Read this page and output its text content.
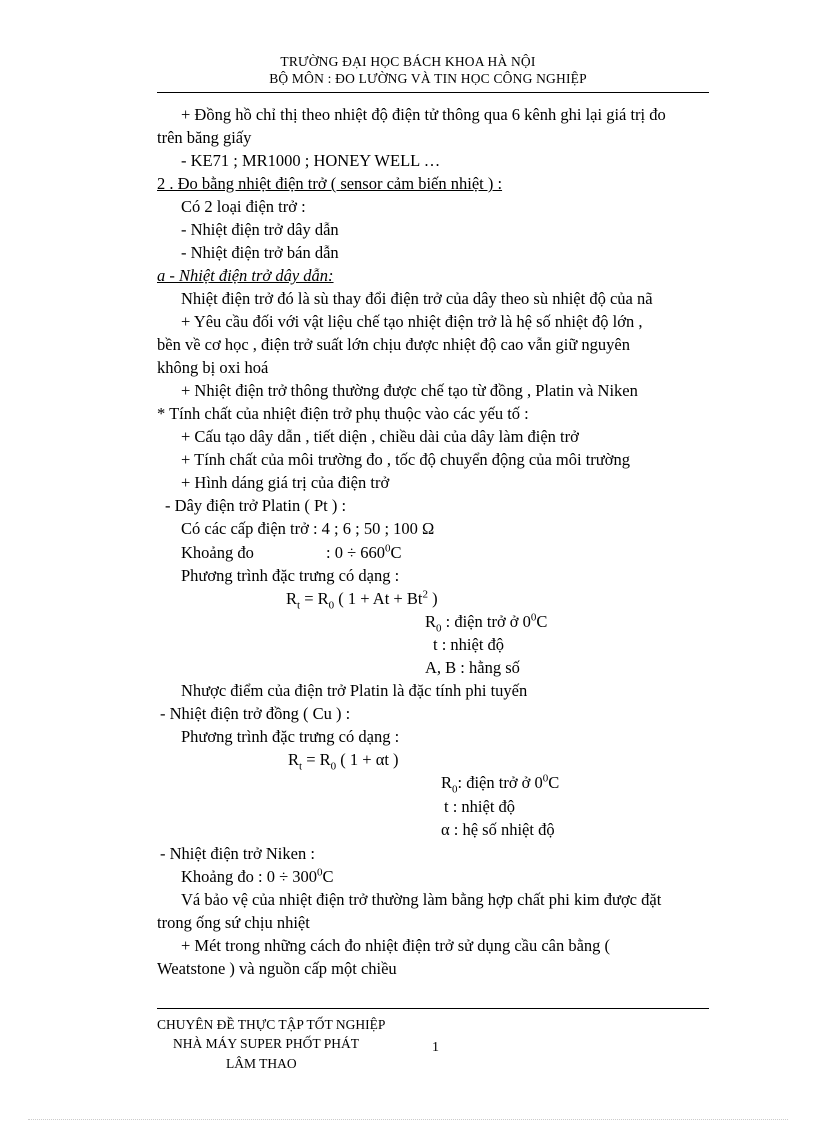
TRƯỜNG ĐẠI HỌC BÁCH KHOA HÀ NỘI
BỘ MÔN : ĐO LƯỜNG VÀ TIN HỌC CÔNG NGHIỆP
+ Đồng hồ chỉ thị theo nhiệt độ điện tử thông qua 6 kênh ghi lại giá trị đo
trên băng giấy
- KE71 ; MR1000 ; HONEY WELL …
2 . Đo bằng nhiệt điện trở ( sensor cảm biến nhiệt ) :
Có 2 loại điện trở :
- Nhiệt điện trở dây dẫn
- Nhiệt điện trở bán dẫn
a - Nhiệt điện trở dây dẫn:
Nhiệt điện trở đó là sù thay đổi điện trở của dây theo sù nhiệt độ của nã
+ Yêu cầu đối với vật liệu chế tạo nhiệt điện trở là hệ số nhiệt độ lớn ,
bền về cơ học , điện trở suất lớn chịu được nhiệt độ cao vẫn giữ nguyên
không bị oxi hoá
+ Nhiệt điện trở thông thường được chế tạo từ đồng , Platin và Niken
* Tính chất của nhiệt điện trở phụ thuộc vào các yếu tố :
+ Cấu tạo dây dẫn , tiết diện , chiều dài của dây làm điện trở
+ Tính chất của môi trường đo , tốc độ chuyển động của môi trường
+ Hình dáng giá trị của điện trở
- Dây điện trở Platin ( Pt ) :
Có các cấp điện trở : 4 ; 6 ; 50 ; 100 Ω
Khoảng đo	: $0 \div 660^0C$
Phương trình đặc trưng có dạng :
$R_t = R_0$ ( $1 + At + Bt^2$ )
$R_0$ : điện trở ở $0^0C$
t : nhiệt độ
A, B : hằng số
Nhược điểm của điện trở Platin là đặc tính phi tuyến
- Nhiệt điện trở đồng ( Cu ) :
Phương trình đặc trưng có dạng :
$R_t = R_0$ ( 1 + αt )
$R_0$: điện trở ở $0^0C$
t : nhiệt độ
α : hệ số nhiệt độ
- Nhiệt điện trở Niken :
Khoảng đo : $0 \div 300^0C$
Vá bảo vệ của nhiệt điện trở thường làm bằng hợp chất phi kim được đặt
trong ống sứ chịu nhiệt
+ Mét trong những cách đo nhiệt điện trở sử dụng cầu cân bằng (
Weatstone ) và nguồn cấp một chiều
CHUYÊN ĐỀ THỰC TẬP TỐT NGHIỆP
NHÀ MÁY SUPER PHỐT PHÁT
LÂM THAO
1
